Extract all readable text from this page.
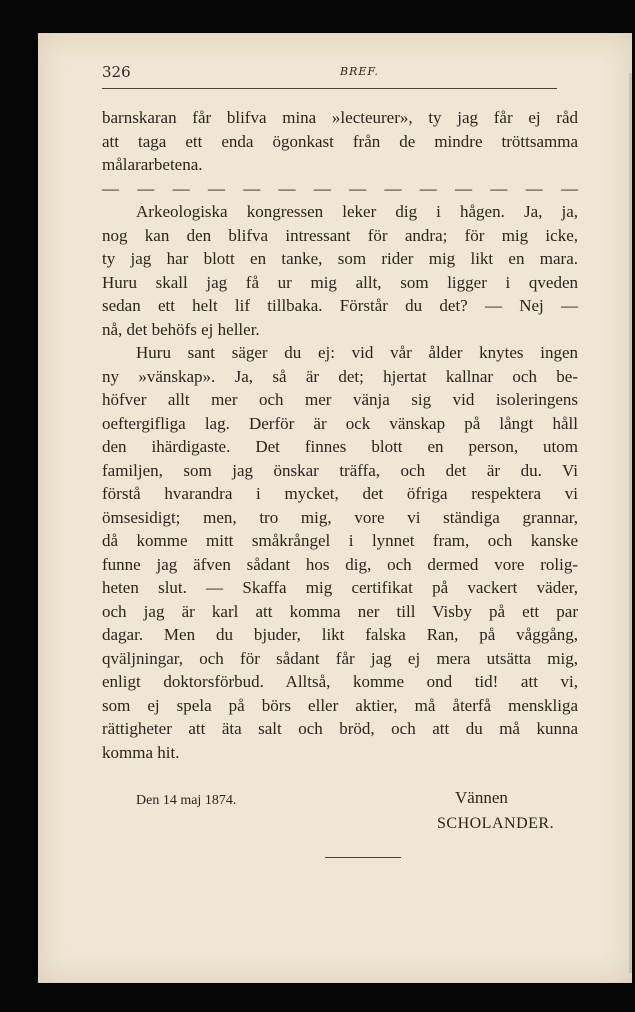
326	BREF.
barnskaran får blifva mina »lecteurer», ty jag får ej råd
att taga ett enda ögonkast från de mindre tröttsamma
målararbetena.
— — — — — — — — — — — — — —
Arkeologiska kongressen leker dig i hågen. Ja, ja,
nog kan den blifva intressant för andra; för mig icke,
ty jag har blott en tanke, som rider mig likt en mara.
Huru skall jag få ur mig allt, som ligger i qveden
sedan ett helt lif tillbaka. Förstår du det? — Nej —
nå, det behöfs ej heller.
Huru sant säger du ej: vid vår ålder knytes ingen
ny »vänskap». Ja, så är det; hjertat kallnar och be-
höfver allt mer och mer vänja sig vid isoleringens
oeftergifliga lag. Derför är ock vänskap på långt håll
den ihärdigaste. Det finnes blott en person, utom
familjen, som jag önskar träffa, och det är du. Vi
förstå hvarandra i mycket, det öfriga respektera vi
ömsesidigt; men, tro mig, vore vi ständiga grannar,
då komme mitt småkrångel i lynnet fram, och kanske
funne jag äfven sådant hos dig, och dermed vore rolig-
heten slut. — Skaffa mig certifikat på vackert väder,
och jag är karl att komma ner till Visby på ett par
dagar. Men du bjuder, likt falska Ran, på våggång,
qväljningar, och för sådant får jag ej mera utsätta mig,
enligt doktorsförbud. Alltså, komme ond tid! att vi,
som ej spela på börs eller aktier, må återfå menskliga
rättigheter att äta salt och bröd, och att du må kunna
komma hit.
Den 14 maj 1874.	Vännen
SCHOLANDER.
